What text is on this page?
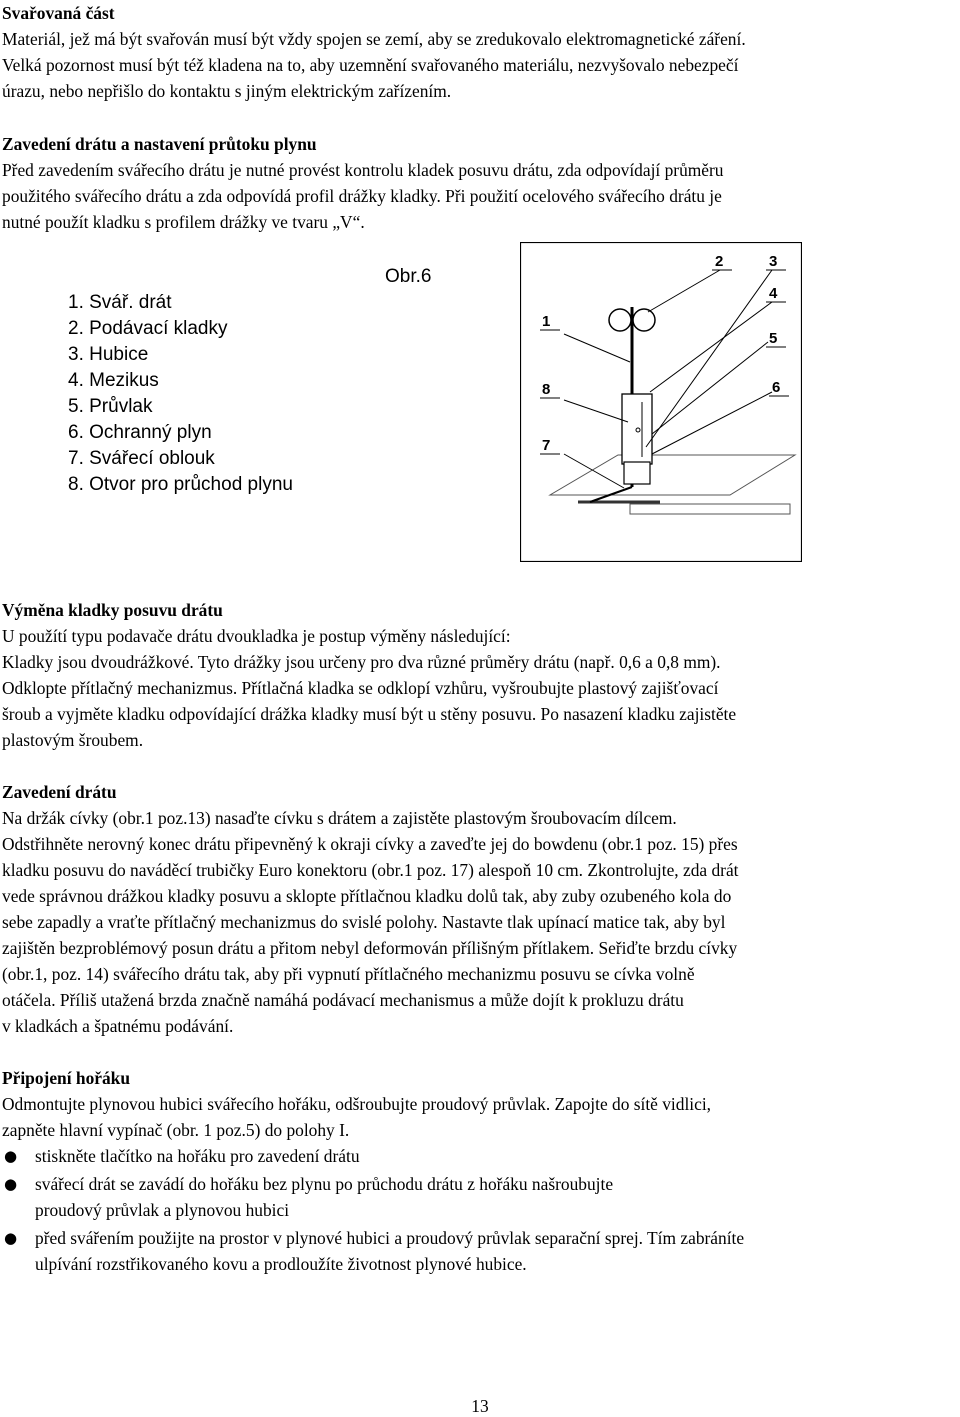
Svařovaná část
Materiál, jež má být svařován musí být vždy spojen se zemí, aby se zredukovalo elektromagnetické záření.
Velká pozornost musí být též kladena na to, aby uzemnění svařovaného materiálu, nezvyšovalo nebezpečí
úrazu, nebo nepřišlo do kontaktu s jiným elektrickým zařízením.
Zavedení drátu a nastavení průtoku plynu
Před zavedením svářecího drátu je nutné provést kontrolu kladek posuvu drátu, zda odpovídají průměru
použitého svářecího drátu a zda odpovídá profil drážky kladky. Při použití ocelového svářecího drátu je
nutné použít kladku s profilem drážky ve tvaru „V“.
Obr.6
1. Svář. drát
2. Podávací kladky
3. Hubice
4. Mezikus
5. Průvlak
6. Ochranný plyn
7. Svářecí oblouk
8. Otvor pro průchod plynu
2	3
4
5
6
1
8
7
Výměna kladky posuvu drátu
U použítí typu podavače drátu dvoukladka je postup výměny následující:
Kladky jsou dvoudrážkové. Tyto drážky jsou určeny pro dva různé průměry drátu (např. 0,6 a 0,8 mm).
Odklopte přítlačný mechanizmus. Přítlačná kladka se odklopí vzhůru, vyšroubujte plastový zajišťovací
šroub a vyjměte kladku odpovídající drážka kladky musí být u stěny posuvu. Po nasazení kladku zajistěte
plastovým šroubem.
Zavedení drátu
Na držák cívky (obr.1 poz.13) nasaďte cívku s drátem a zajistěte plastovým šroubovacím dílcem.
Odstřihněte nerovný konec drátu připevněný k okraji cívky a zaveďte jej do bowdenu (obr.1 poz. 15) přes
kladku posuvu do naváděcí trubičky Euro konektoru (obr.1 poz. 17) alespoň 10 cm. Zkontrolujte, zda drát
vede správnou drážkou kladky posuvu a sklopte přítlačnou kladku dolů tak, aby zuby ozubeného kola do
sebe zapadly a vraťte přítlačný mechanizmus do svislé polohy. Nastavte tlak upínací matice tak, aby byl
zajištěn bezproblémový posun drátu a přitom nebyl deformován přílišným přítlakem. Seřiďte brzdu cívky
(obr.1, poz. 14) svářecího drátu tak, aby při vypnutí přítlačného mechanizmu posuvu se cívka volně
otáčela. Příliš utažená brzda značně namáhá podávací mechanismus a může dojít k prokluzu drátu
v kladkách a špatnému podávání.
Připojení hořáku
Odmontujte plynovou hubici svářecího hořáku, odšroubujte proudový průvlak. Zapojte do sítě vidlici,
zapněte hlavní vypínač (obr. 1 poz.5) do polohy I.
● stiskněte tlačítko na hořáku pro zavedení drátu
● svářecí drát se zavádí do hořáku bez plynu po průchodu drátu z hořáku našroubujte
proudový průvlak a plynovou hubici
● před svářením použijte na prostor v plynové hubici a proudový průvlak separační sprej. Tím zabráníte
ulpívání rozstřikovaného kovu a prodloužíte životnost plynové hubice.
13
